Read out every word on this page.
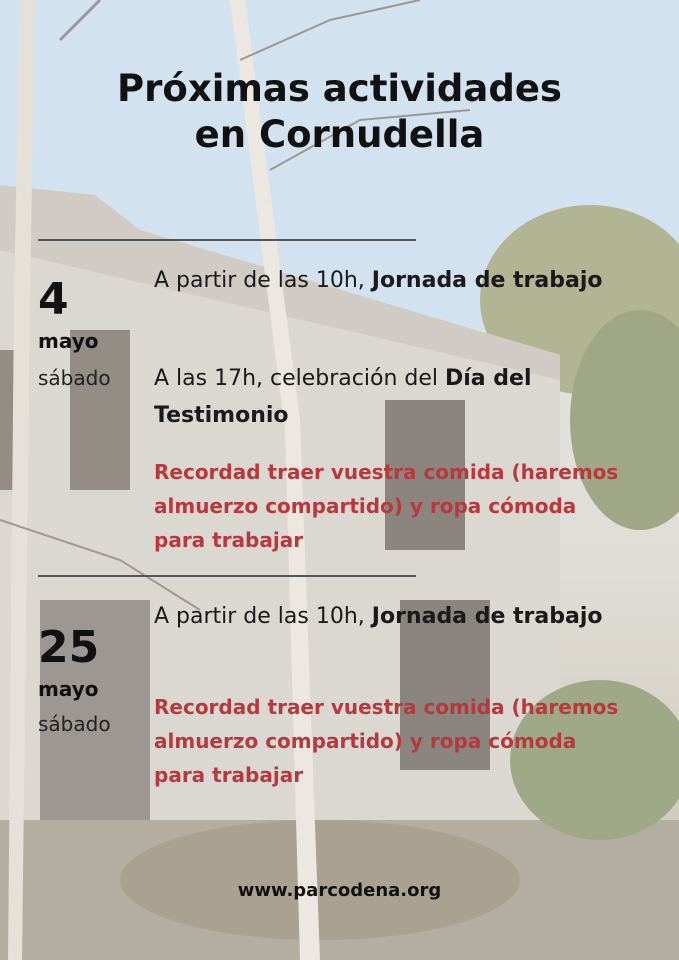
Próximas actividades
en Cornudella
4
mayo
sábado

A partir de las 10h, Jornada de trabajo

A las 17h, celebración del Día del Testimonio

Recordad traer vuestra comida (haremos almuerzo compartido) y ropa cómoda para trabajar

25
mayo
sábado

A partir de las 10h, Jornada de trabajo

Recordad traer vuestra comida (haremos almuerzo compartido) y ropa cómoda para trabajar

www.parcodena.org
